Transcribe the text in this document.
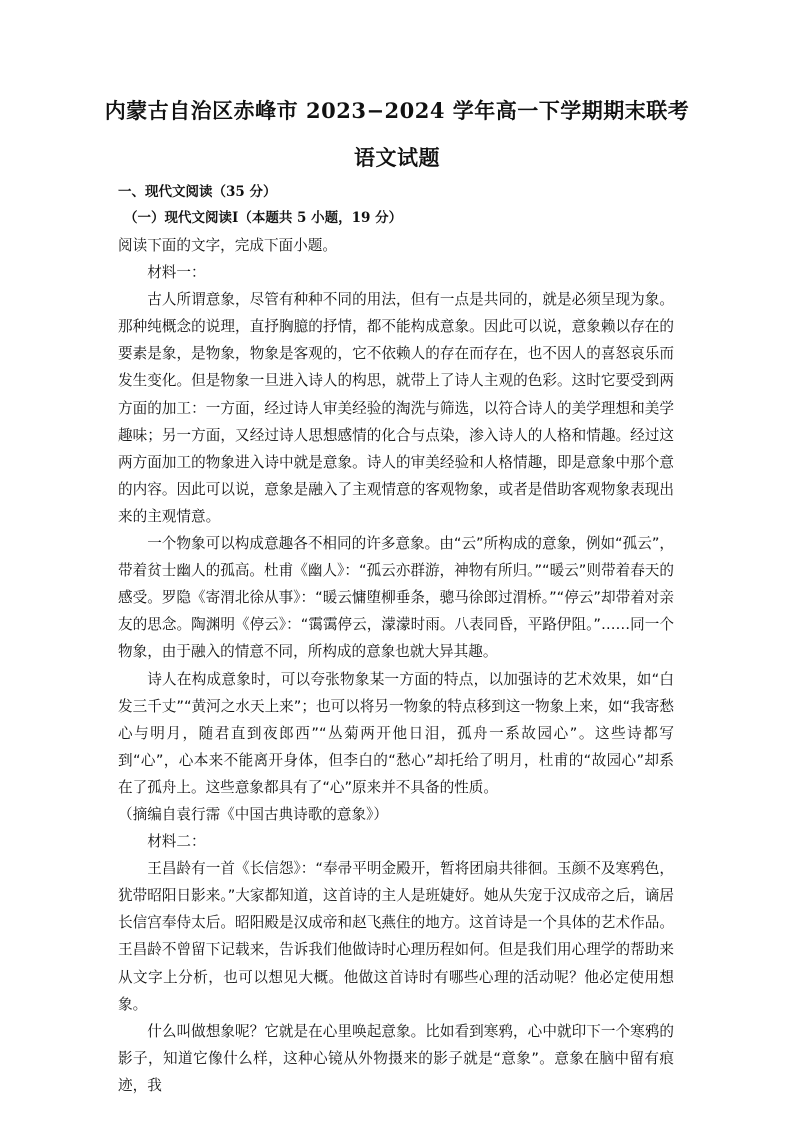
内蒙古自治区赤峰市 2023−2024 学年高一下学期期末联考
语文试题
一、现代文阅读（35 分）
（一）现代文阅读Ⅰ（本题共 5 小题，19 分）

阅读下面的文字，完成下面小题。

材料一：

古人所谓意象，尽管有种种不同的用法，但有一点是共同的，就是必须呈现为象。那种纯概念的说理，直抒胸臆的抒情，都不能构成意象。因此可以说，意象赖以存在的要素是象，是物象，物象是客观的，它不依赖人的存在而存在，也不因人的喜怒哀乐而发生变化。但是物象一旦进入诗人的构思，就带上了诗人主观的色彩。这时它要受到两方面的加工：一方面，经过诗人审美经验的淘洗与筛选，以符合诗人的美学理想和美学趣味；另一方面，又经过诗人思想感情的化合与点染，渗入诗人的人格和情趣。经过这两方面加工的物象进入诗中就是意象。诗人的审美经验和人格情趣，即是意象中那个意的内容。因此可以说，意象是融入了主观情意的客观物象，或者是借助客观物象表现出来的主观情意。

一个物象可以构成意趣各不相同的许多意象。由“云”所构成的意象，例如“孤云”，带着贫士幽人的孤高。杜甫《幽人》：“孤云亦群游，神物有所归。”“暖云”则带着春天的感受。罗隐《寄渭北徐从事》：“暖云慵堕柳垂条，骢马徐郎过渭桥。”“停云”却带着对亲友的思念。陶渊明《停云》：“霭霭停云，濛濛时雨。八表同昏，平路伊阻。”……同一个物象，由于融入的情意不同，所构成的意象也就大异其趣。

诗人在构成意象时，可以夸张物象某一方面的特点，以加强诗的艺术效果，如“白发三千丈”“黄河之水天上来”；也可以将另一物象的特点移到这一物象上来，如“我寄愁心与明月，随君直到夜郎西”“丛菊两开他日泪，孤舟一系故园心”。这些诗都写到“心”，心本来不能离开身体，但李白的“愁心”却托给了明月，杜甫的“故园心”却系在了孤舟上。这些意象都具有了“心”原来并不具备的性质。

（摘编自袁行霈《中国古典诗歌的意象》）

材料二：

王昌龄有一首《长信怨》：“奉帚平明金殿开，暂将团扇共徘徊。玉颜不及寒鸦色，犹带昭阳日影来。”大家都知道，这首诗的主人是班婕妤。她从失宠于汉成帝之后，谪居长信宫奉侍太后。昭阳殿是汉成帝和赵飞燕住的地方。这首诗是一个具体的艺术作品。王昌龄不曾留下记载来，告诉我们他做诗时心理历程如何。但是我们用心理学的帮助来从文字上分析，也可以想见大概。他做这首诗时有哪些心理的活动呢？他必定使用想象。

什么叫做想象呢？它就是在心里唤起意象。比如看到寒鸦，心中就印下一个寒鸦的影子，知道它像什么样，这种心镜从外物摄来的影子就是“意象”。意象在脑中留有痕迹，我
